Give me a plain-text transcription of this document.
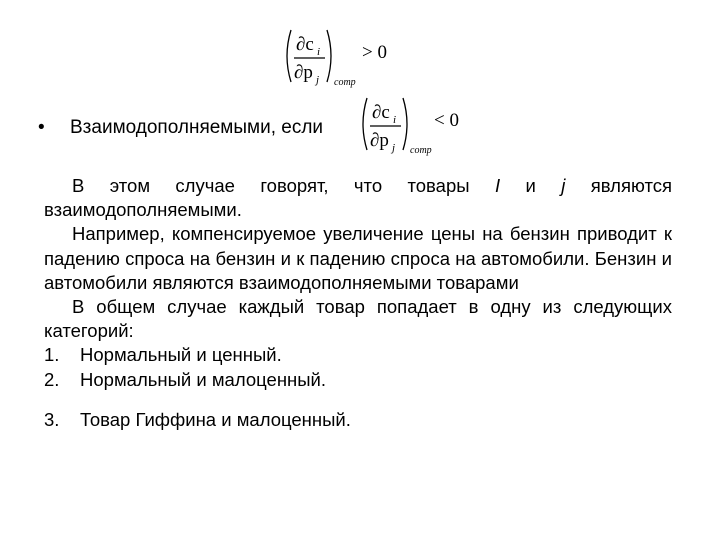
∂c i
∂p j comp
> 0
• Взаимодополняемыми, если
∂c i
∂p j comp
< 0

В этом случае говорят, что товары I и j являются взаимодополняемыми.

Например, компенсируемое увеличение цены на бензин приводит к падению спроса на бензин и к падению спроса на автомобили. Бензин и автомобили являются взаимодополняемыми товарами

В общем случае каждый товар попадает в одну из следующих категорий:

1.	Нормальный и ценный.
2.	Нормальный и малоценный.
3.	Товар Гиффина и малоценный.
